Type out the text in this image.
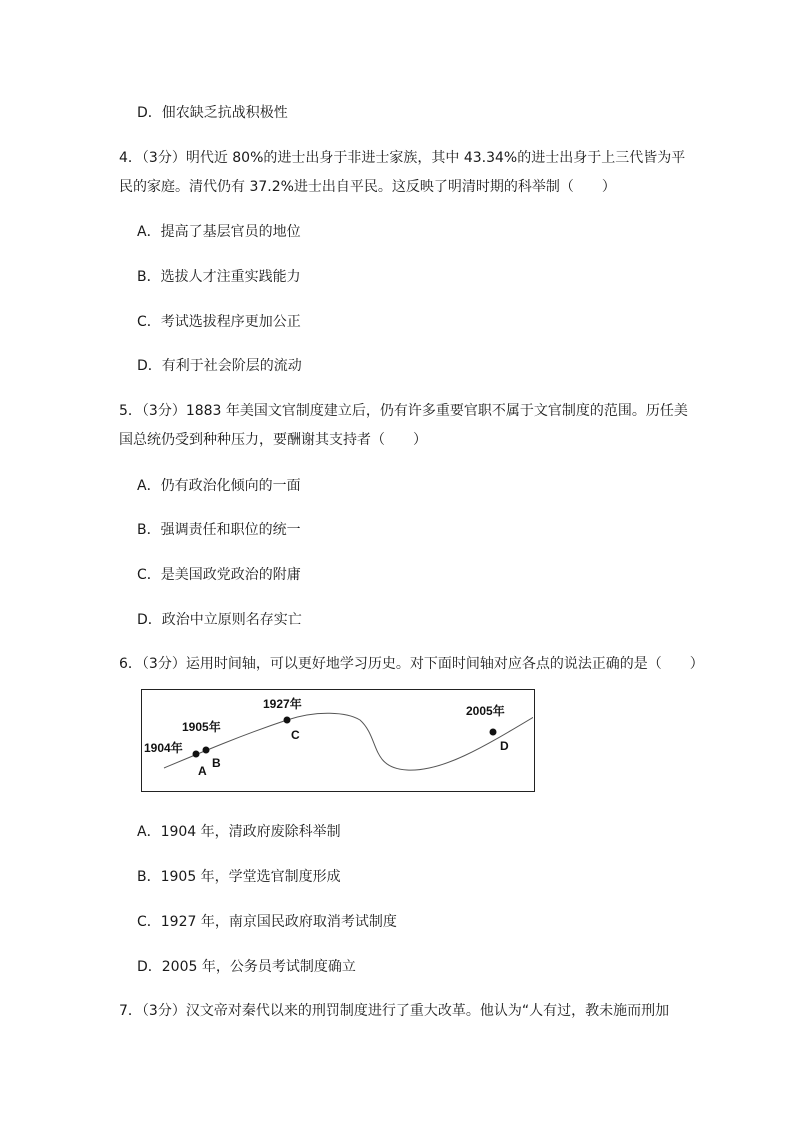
D．佃农缺乏抗战积极性
4．（3分）明代近 80%的进士出身于非进士家族，其中 43.34%的进士出身于上三代皆为平
民的家庭。清代仍有 37.2%进士出自平民。这反映了明清时期的科举制（　　）
A．提高了基层官员的地位
B．选拔人才注重实践能力
C．考试选拔程序更加公正
D．有利于社会阶层的流动
5．（3分）1883 年美国文官制度建立后，仍有许多重要官职不属于文官制度的范围。历任美
国总统仍受到种种压力，要酬谢其支持者（　　）
A．仍有政治化倾向的一面
B．强调责任和职位的统一
C．是美国政党政治的附庸
D．政治中立原则名存实亡
6．（3分）运用时间轴，可以更好地学习历史。对下面时间轴对应各点的说法正确的是（　　）
1904年
A
1905年
B
1927年
C
2005年
D
A．1904 年，清政府废除科举制
B．1905 年，学堂选官制度形成
C．1927 年，南京国民政府取消考试制度
D．2005 年，公务员考试制度确立
7．（3分）汉文帝对秦代以来的刑罚制度进行了重大改革。他认为“人有过，教未施而刑加
